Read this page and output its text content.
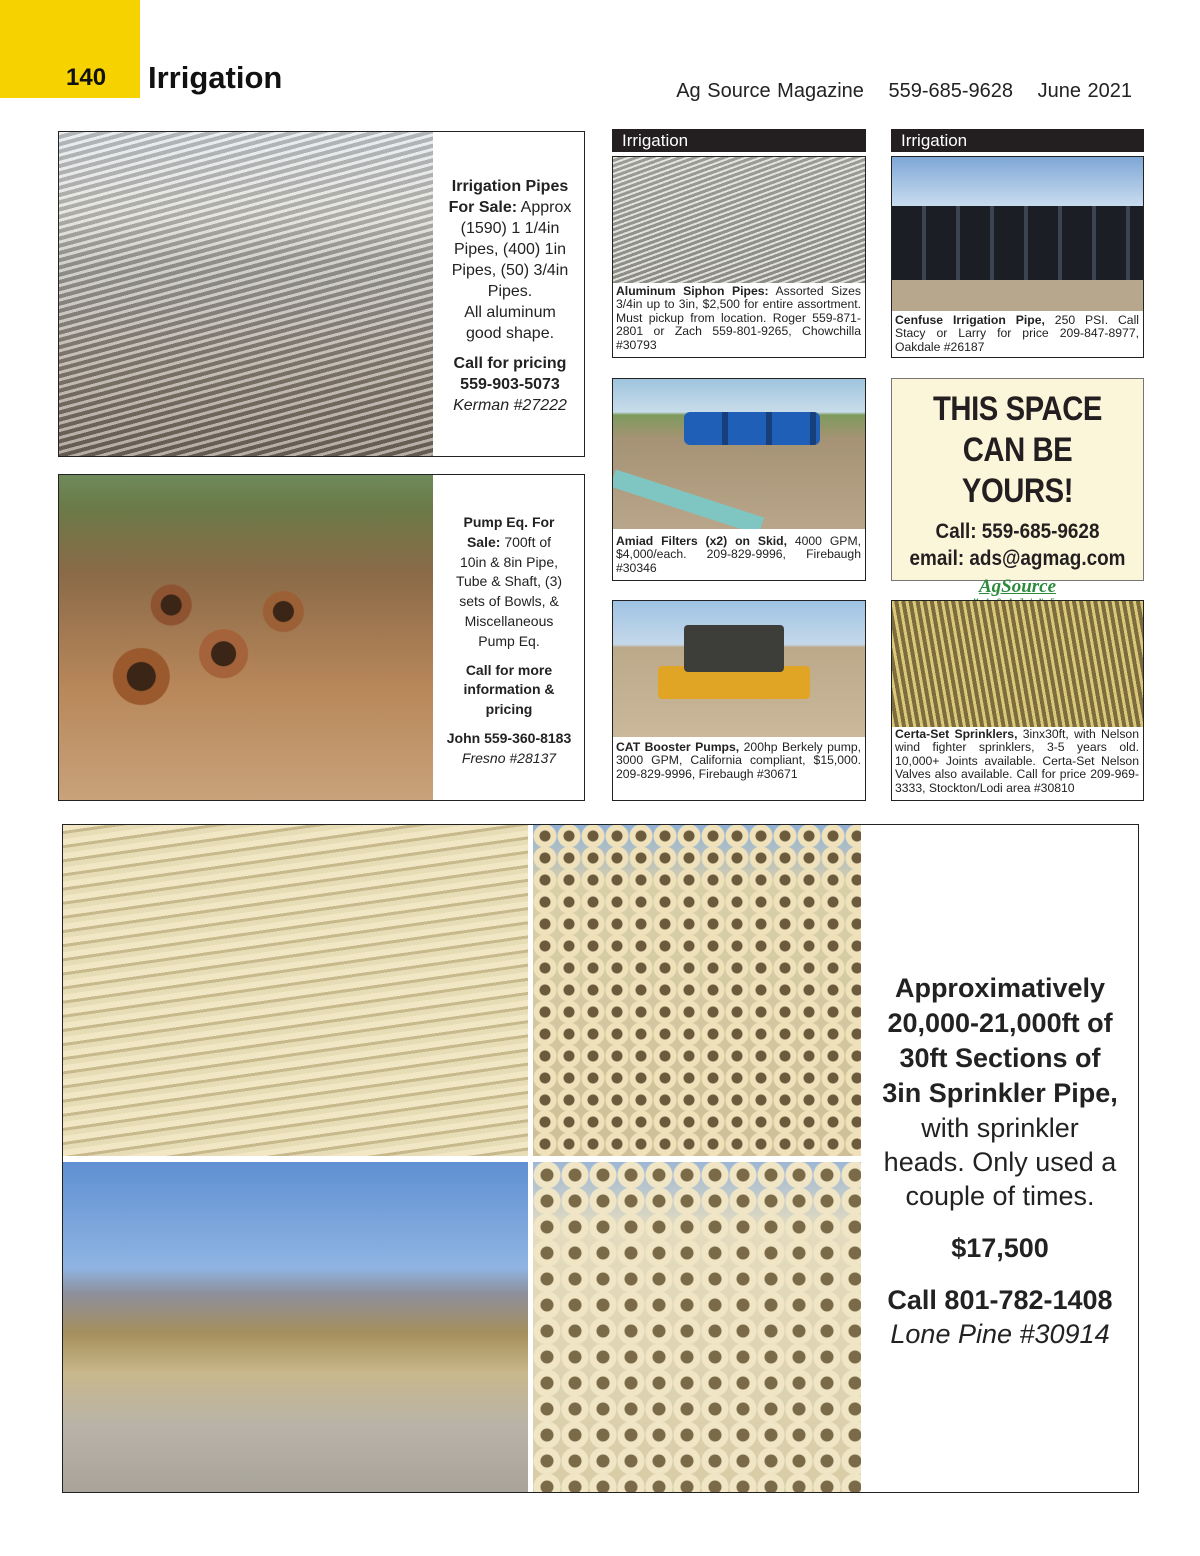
140 Irrigation	Ag Source Magazine 559-685-9628 June 2021
Irrigation Pipes
For Sale: Approx
(1590) 1 1/4in
Pipes, (400) 1in
Pipes, (50) 3/4in
Pipes.
All aluminum
good shape.
Call for pricing
559-903-5073
Kerman #27222
Pump Eq. For
Sale: 700ft of
10in & 8in Pipe,
Tube & Shaft, (3)
sets of Bowls, &
Miscellaneous
Pump Eq.
Call for more
information &
pricing
John 559-360-8183
Fresno #28137
Irrigation	Irrigation
Aluminum Siphon Pipes: Assorted Sizes 3/4in up to 3in, $2,500 for entire assortment. Must pickup from location. Roger 559-871-2801 or Zach 559-801-9265, Chowchilla #30793
Cenfuse Irrigation Pipe, 250 PSI. Call Stacy or Larry for price 209-847-8977, Oakdale #26187
Amiad Filters (x2) on Skid, 4000 GPM, $4,000/each. 209-829-9996, Firebaugh #30346
THIS SPACE
CAN BE YOURS!
Call: 559-685-9628
email: ads@agmag.com
AgSource
CAT Booster Pumps, 200hp Berkely pump, 3000 GPM, California compliant, $15,000. 209-829-9996, Firebaugh #30671
Certa-Set Sprinklers, 3inx30ft, with Nelson wind fighter sprinklers, 3-5 years old. 10,000+ Joints available. Certa-Set Nelson Valves also available. Call for price 209-969-3333, Stockton/Lodi area #30810
Approximatively
20,000-21,000ft of
30ft Sections of
3in Sprinkler Pipe,
with sprinkler
heads. Only used a
couple of times.
$17,500
Call 801-782-1408
Lone Pine #30914
